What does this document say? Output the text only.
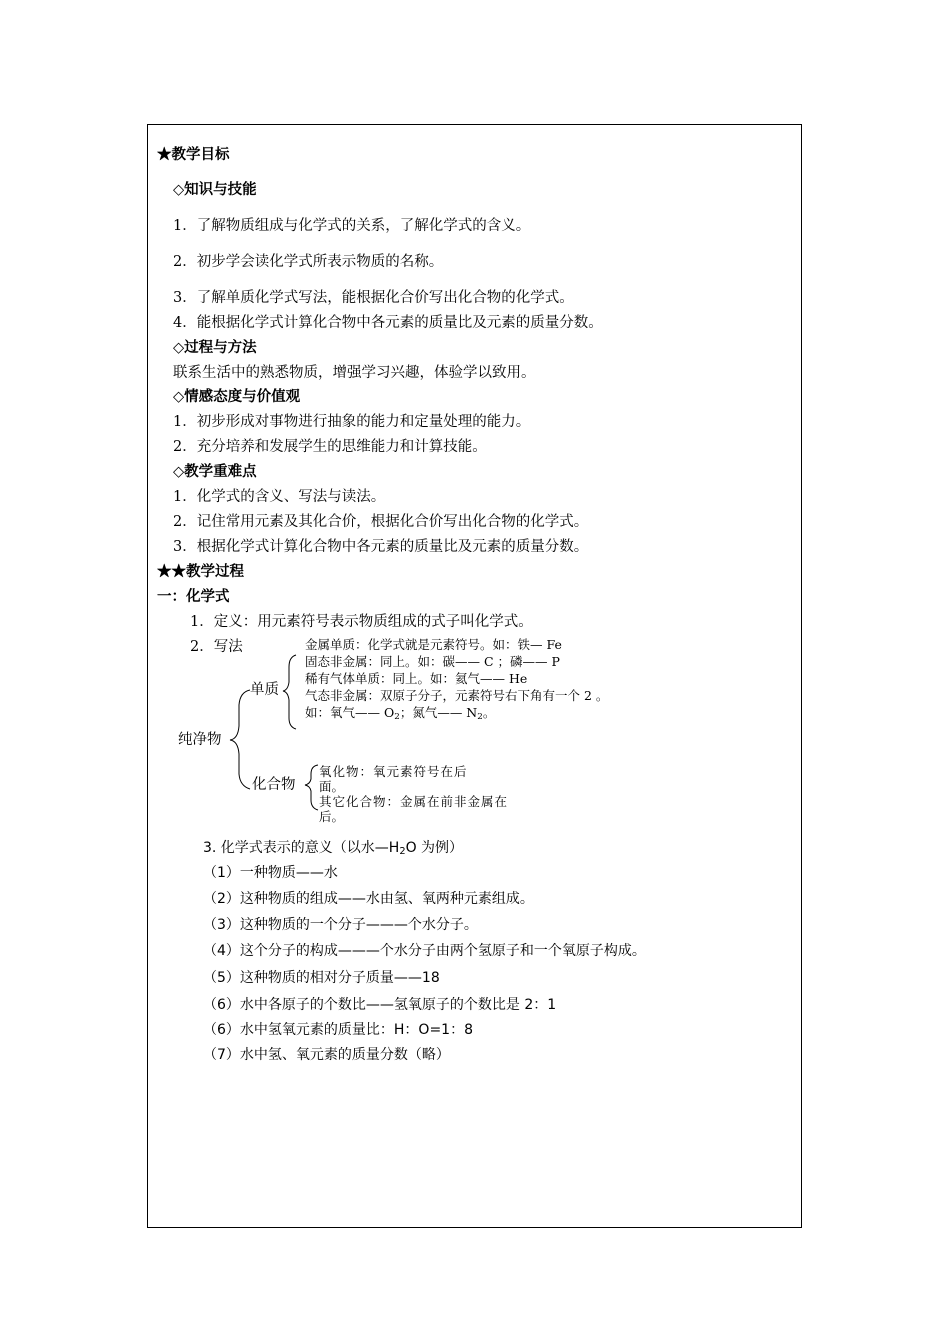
★教学目标
◇知识与技能
1．了解物质组成与化学式的关系，了解化学式的含义。
2．初步学会读化学式所表示物质的名称。
3．了解单质化学式写法，能根据化合价写出化合物的化学式。
4．能根据化学式计算化合物中各元素的质量比及元素的质量分数。
◇过程与方法
联系生活中的熟悉物质，增强学习兴趣，体验学以致用。
◇情感态度与价值观
1．初步形成对事物进行抽象的能力和定量处理的能力。
2．充分培养和发展学生的思维能力和计算技能。
◇教学重难点
1．化学式的含义、写法与读法。
2．记住常用元素及其化合价，根据化合价写出化合物的化学式。
3．根据化学式计算化合物中各元素的质量比及元素的质量分数。
★★教学过程
一：化学式
1．定义：用元素符号表示物质组成的式子叫化学式。
2．写法	金属单质：化学式就是元素符号。如：铁— Fe
固态非金属：同上。如：碳—— C ；磷—— P
稀有气体单质：同上。如：氦气—— He
气态非金属：双原子分子，元素符号右下角有一个 2 。
如：氧气—— $O_2$；氮气—— $N_2$。
单质
纯净物
化合物
氧化物：氧元素符号在后
面。
其它化合物：金属在前非金属在
后。
3. 化学式表示的意义（以水$—H_2O$ 为例）
（1）一种物质——水
（2）这种物质的组成——水由氢、氧两种元素组成。
（3）这种物质的一个分子———个水分子。
（4）这个分子的构成———个水分子由两个氢原子和一个氧原子构成。
（5）这种物质的相对分子质量——18
（6）水中各原子的个数比——氢氧原子的个数比是 2：1
（6）水中氢氧元素的质量比：H：O=1：8
（7）水中氢、氧元素的质量分数（略）
